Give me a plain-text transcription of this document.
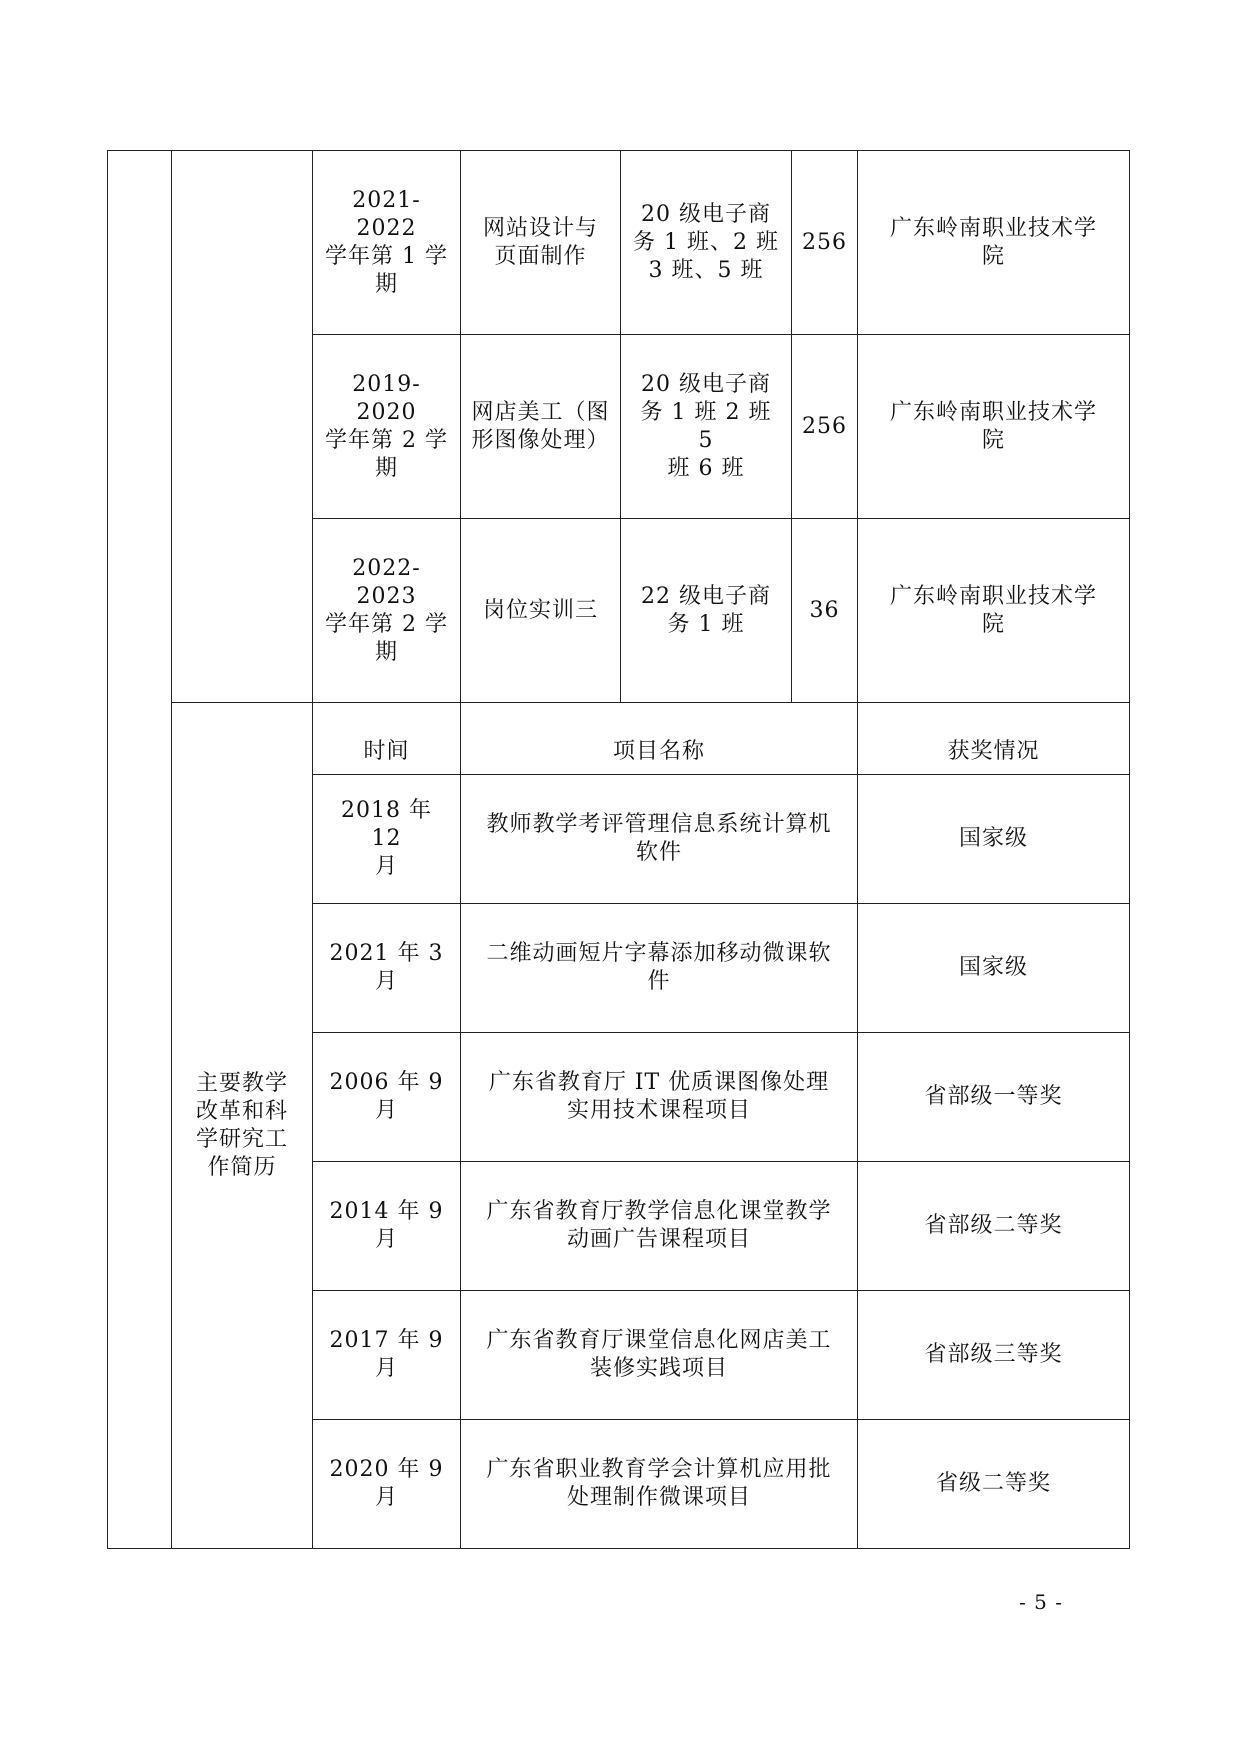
		2021-2022
学年第 1 学
期	网站设计与
页面制作	20 级电子商
务 1 班、2 班
3 班、5 班	256	广东岭南职业技术学
院
		2019-2020
学年第 2 学
期	网店美工（图
形图像处理）	20 级电子商
务 1 班 2 班 5
班 6 班	256	广东岭南职业技术学
院
		2022-2023
学年第 2 学
期	岗位实训三	22 级电子商
务 1 班	36	广东岭南职业技术学
院
	主要教学
改革和科
学研究工
作简历	时间	项目名称			获奖情况
		2018 年 12
月	教师教学考评管理信息系统计算机
软件			国家级
		2021 年 3 月	二维动画短片字幕添加移动微课软
件			国家级
		2006 年 9 月	广东省教育厅 IT 优质课图像处理
实用技术课程项目			省部级一等奖
		2014 年 9 月	广东省教育厅教学信息化课堂教学
动画广告课程项目			省部级二等奖
		2017 年 9 月	广东省教育厅课堂信息化网店美工
装修实践项目			省部级三等奖
		2020 年 9 月	广东省职业教育学会计算机应用批
处理制作微课项目			省级二等奖
- 5 -
